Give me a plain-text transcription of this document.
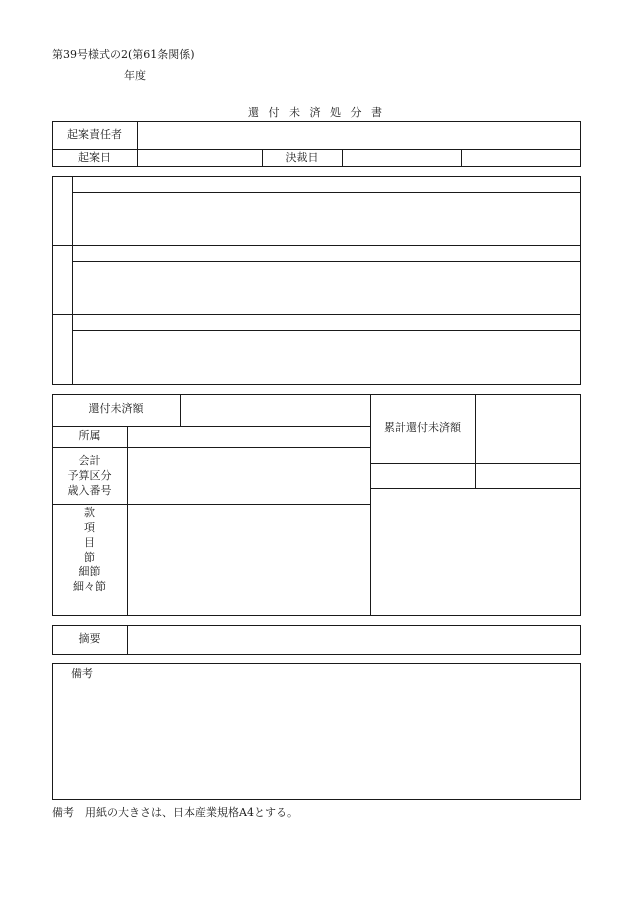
第39号様式の2(第61条関係)
年度
還 付 未 済 処 分 書
起案責任者
起案日	決裁日
還付未済額
累計還付未済額
所属
会計
予算区分
歳入番号
款
項
目
節
細節
細々節
摘要
備考
備考　用紙の大きさは、日本産業規格A4とする。
